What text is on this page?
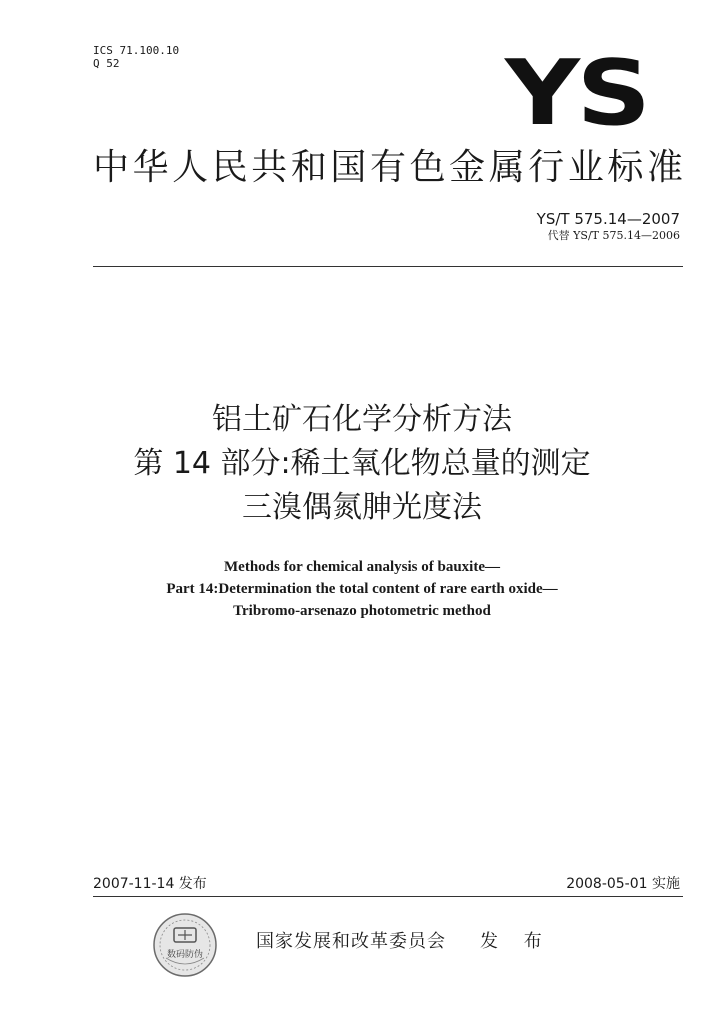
ICS 71.100.10
Q 52	YS
中华人民共和国有色金属行业标准
YS/T 575.14—2007
代替 YS/T 575.14—2006
铝土矿石化学分析方法
第 14 部分:稀土氧化物总量的测定
三溴偶氮胂光度法
Methods for chemical analysis of bauxite—
Part 14:Determination the total content of rare earth oxide—
Tribromo-arsenazo photometric method
2007-11-14 发布	2008-05-01 实施
数码防伪
国家发展和改革委员会 发 布
